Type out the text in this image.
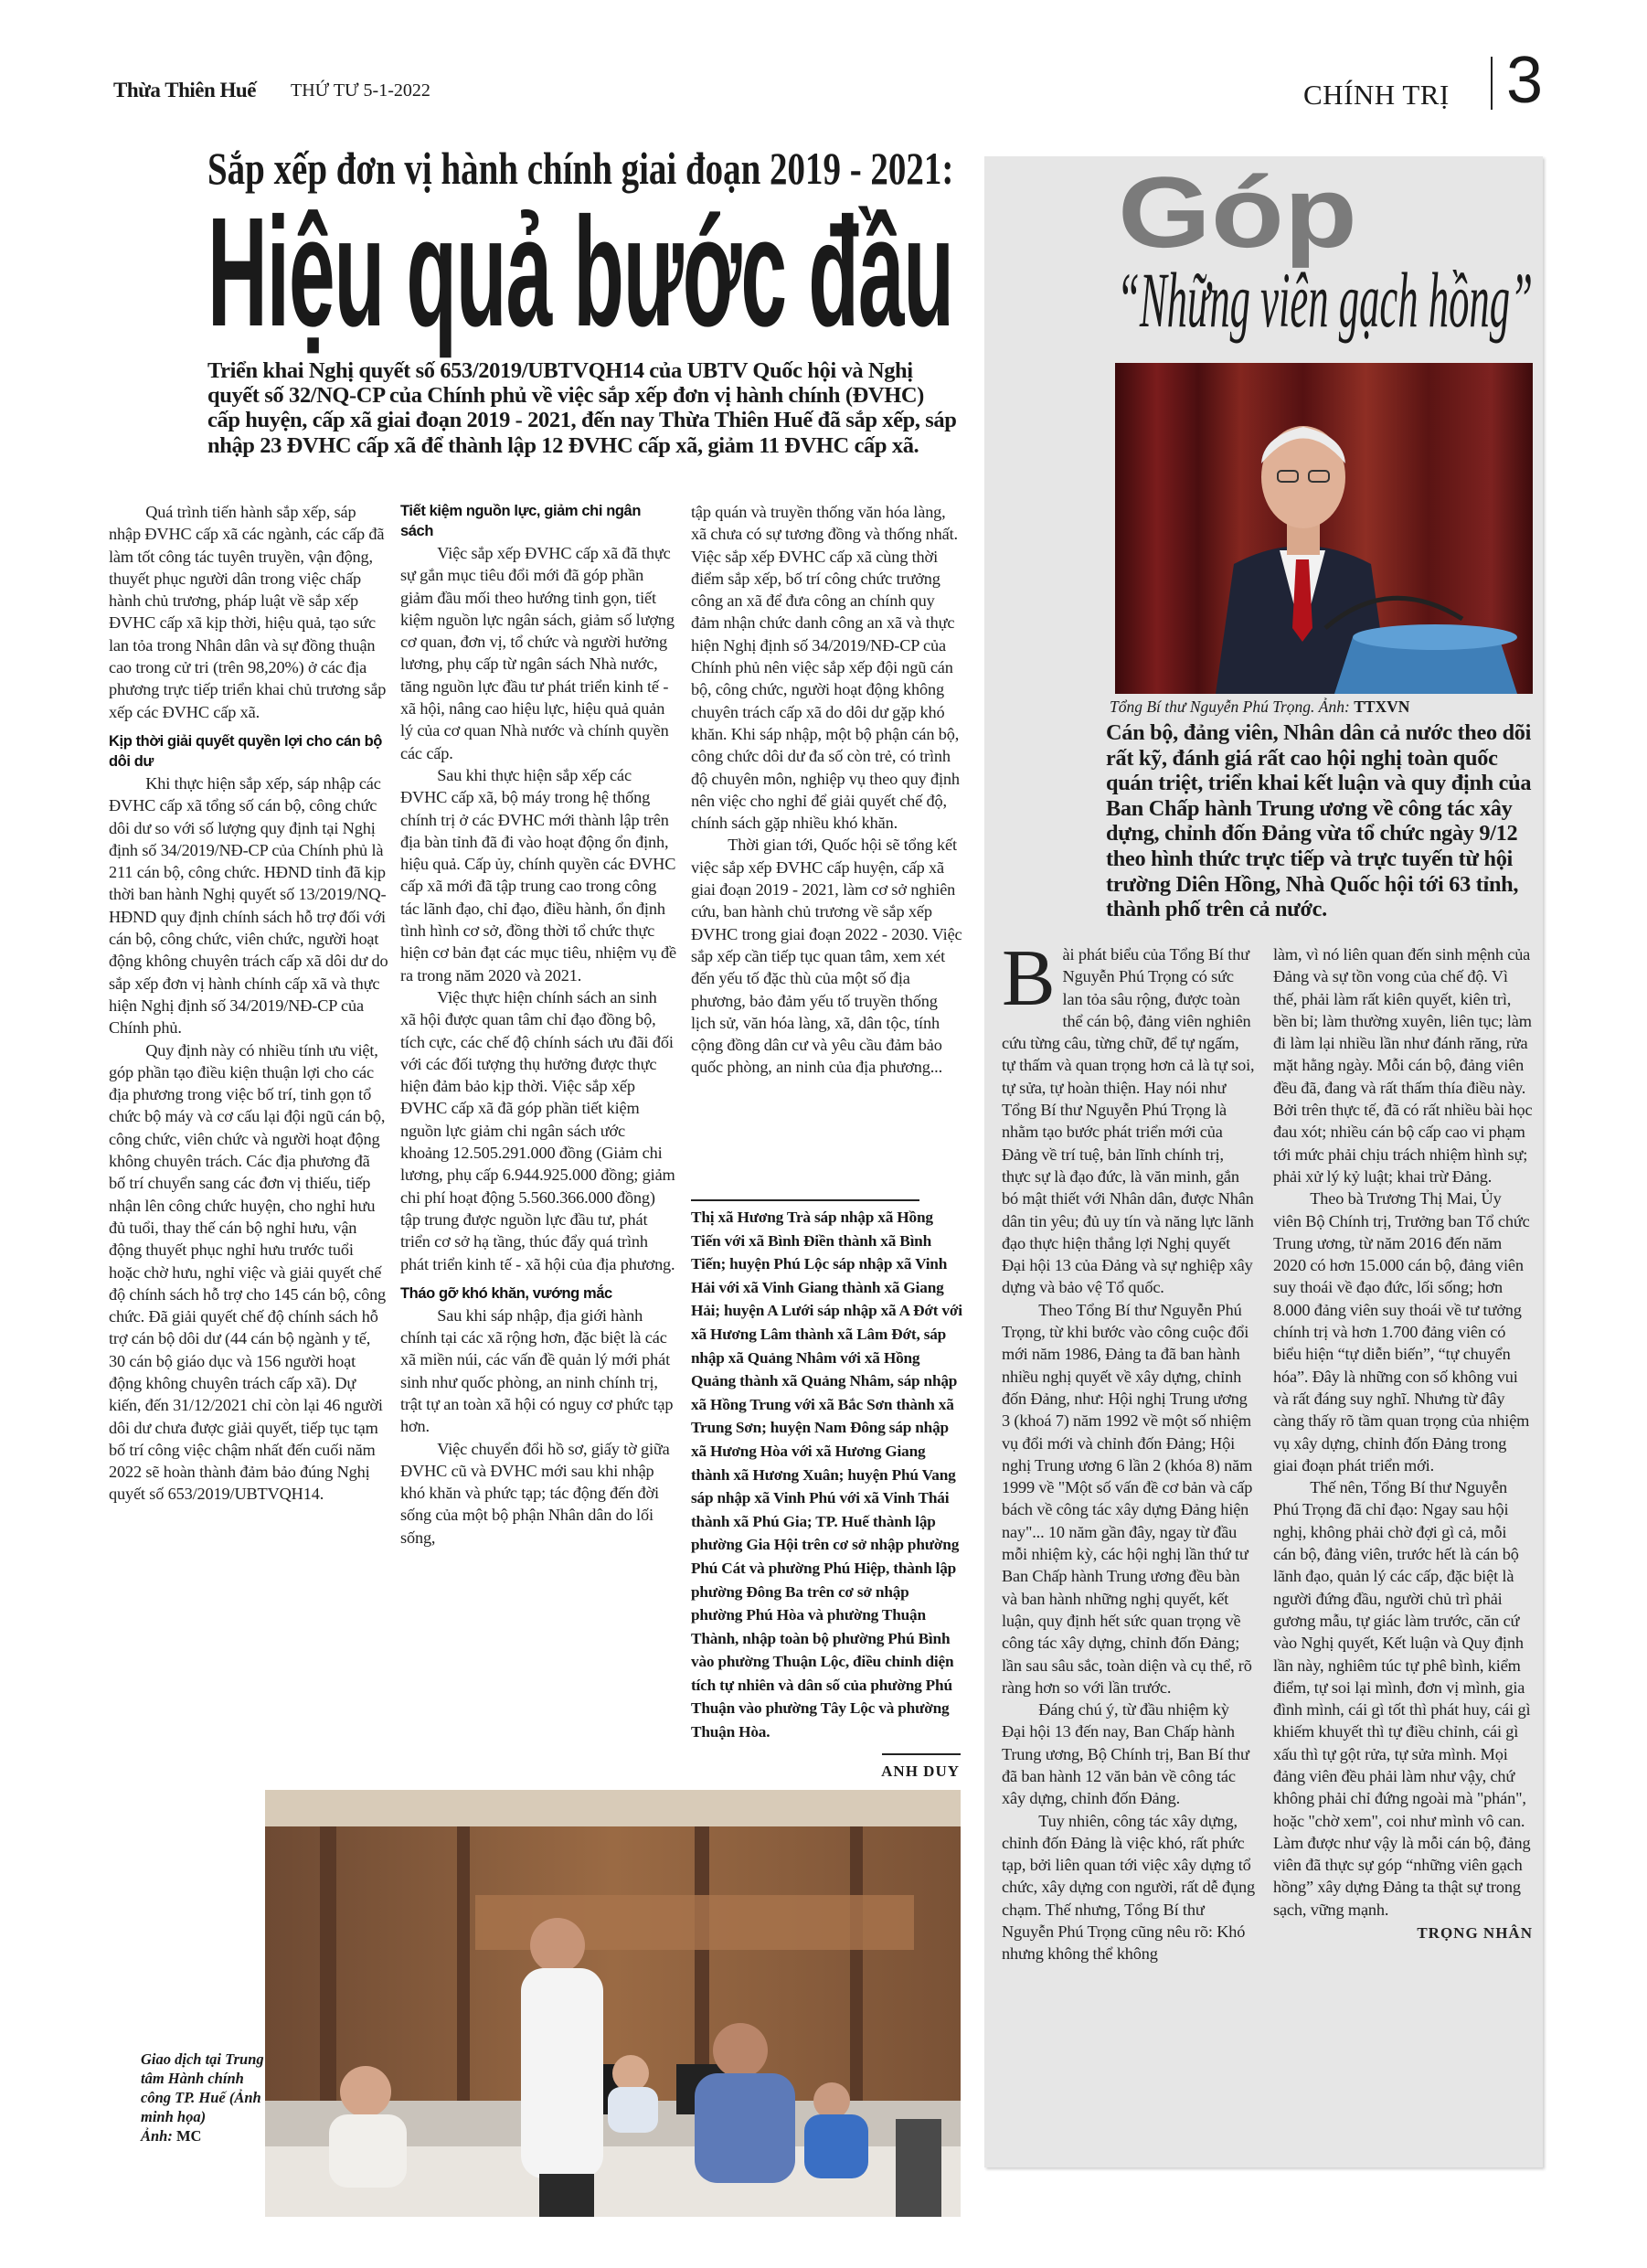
Thừa Thiên Huế THỨ TƯ 5-1-2022	CHÍNH TRỊ 3
Sắp xếp đơn vị hành chính giai đoạn 2019 - 2021:
Hiệu quả bước đầu
Triển khai Nghị quyết số 653/2019/UBTVQH14 của UBTV Quốc hội và Nghị quyết số 32/NQ-CP của Chính phủ về việc sắp xếp đơn vị hành chính (ĐVHC) cấp huyện, cấp xã giai đoạn 2019 - 2021, đến nay Thừa Thiên Huế đã sắp xếp, sáp nhập 23 ĐVHC cấp xã để thành lập 12 ĐVHC cấp xã, giảm 11 ĐVHC cấp xã.
Quá trình tiến hành sắp xếp, sáp nhập ĐVHC cấp xã các ngành, các cấp đã làm tốt công tác tuyên truyền, vận động, thuyết phục người dân trong việc chấp hành chủ trương, pháp luật về sắp xếp ĐVHC cấp xã kịp thời, hiệu quả, tạo sức lan tỏa trong Nhân dân và sự đồng thuận cao trong cử tri (trên 98,20%) ở các địa phương trực tiếp triển khai chủ trương sắp xếp các ĐVHC cấp xã.
Kịp thời giải quyết quyền lợi cho cán bộ dôi dư
Khi thực hiện sắp xếp, sáp nhập các ĐVHC cấp xã tổng số cán bộ, công chức dôi dư so với số lượng quy định tại Nghị định số 34/2019/NĐ-CP của Chính phủ là 211 cán bộ, công chức. HĐND tỉnh đã kịp thời ban hành Nghị quyết số 13/2019/NQ-HĐND quy định chính sách hỗ trợ đối với cán bộ, công chức, viên chức, người hoạt động không chuyên trách cấp xã dôi dư do sắp xếp đơn vị hành chính cấp xã và thực hiện Nghị định số 34/2019/NĐ-CP của Chính phủ.
Quy định này có nhiều tính ưu việt, góp phần tạo điều kiện thuận lợi cho các địa phương trong việc bố trí, tinh gọn tổ chức bộ máy và cơ cấu lại đội ngũ cán bộ, công chức, viên chức và người hoạt động không chuyên trách. Các địa phương đã bố trí chuyển sang các đơn vị thiếu, tiếp nhận lên công chức huyện, cho nghỉ hưu đủ tuổi, thay thế cán bộ nghỉ hưu, vận động thuyết phục nghỉ hưu trước tuổi hoặc chờ hưu, nghỉ việc và giải quyết chế độ chính sách hỗ trợ cho 145 cán bộ, công chức. Đã giải quyết chế độ chính sách hỗ trợ cán bộ dôi dư (44 cán bộ ngành y tế, 30 cán bộ giáo dục và 156 người hoạt động không chuyên trách cấp xã). Dự kiến, đến 31/12/2021 chỉ còn lại 46 người dôi dư chưa được giải quyết, tiếp tục tạm bố trí công việc chậm nhất đến cuối năm 2022 sẽ hoàn thành đảm bảo đúng Nghị quyết số 653/2019/UBTVQH14.
Tiết kiệm nguồn lực, giảm chi ngân sách
Việc sắp xếp ĐVHC cấp xã đã thực sự gắn mục tiêu đổi mới đã góp phần giảm đầu mối theo hướng tinh gọn, tiết kiệm nguồn lực ngân sách, giảm số lượng cơ quan, đơn vị, tổ chức và người hưởng lương, phụ cấp từ ngân sách Nhà nước, tăng nguồn lực đầu tư phát triển kinh tế - xã hội, nâng cao hiệu lực, hiệu quả quản lý của cơ quan Nhà nước và chính quyền các cấp.
Sau khi thực hiện sắp xếp các ĐVHC cấp xã, bộ máy trong hệ thống chính trị ở các ĐVHC mới thành lập trên địa bàn tỉnh đã đi vào hoạt động ổn định, hiệu quả. Cấp ủy, chính quyền các ĐVHC cấp xã mới đã tập trung cao trong công tác lãnh đạo, chỉ đạo, điều hành, ổn định tình hình cơ sở, đồng thời tổ chức thực hiện cơ bản đạt các mục tiêu, nhiệm vụ đề ra trong năm 2020 và 2021.
Việc thực hiện chính sách an sinh xã hội được quan tâm chỉ đạo đồng bộ, tích cực, các chế độ chính sách ưu đãi đối với các đối tượng thụ hưởng được thực hiện đảm bảo kịp thời. Việc sắp xếp ĐVHC cấp xã đã góp phần tiết kiệm nguồn lực giảm chi ngân sách ước khoảng 12.505.291.000 đồng (Giảm chi lương, phụ cấp 6.944.925.000 đồng; giảm chi phí hoạt động 5.560.366.000 đồng) tập trung được nguồn lực đầu tư, phát triển cơ sở hạ tầng, thúc đẩy quá trình phát triển kinh tế - xã hội của địa phương.
Tháo gỡ khó khăn, vướng mắc
Sau khi sáp nhập, địa giới hành chính tại các xã rộng hơn, đặc biệt là các xã miền núi, các vấn đề quản lý mới phát sinh như quốc phòng, an ninh chính trị, trật tự an toàn xã hội có nguy cơ phức tạp hơn.
Việc chuyển đổi hồ sơ, giấy tờ giữa ĐVHC cũ và ĐVHC mới sau khi nhập khó khăn và phức tạp; tác động đến đời sống của một bộ phận Nhân dân do lối sống,
tập quán và truyền thống văn hóa làng, xã chưa có sự tương đồng và thống nhất. Việc sắp xếp ĐVHC cấp xã cùng thời điểm sắp xếp, bố trí công chức trưởng công an xã để đưa công an chính quy đảm nhận chức danh công an xã và thực hiện Nghị định số 34/2019/NĐ-CP của Chính phủ nên việc sắp xếp đội ngũ cán bộ, công chức, người hoạt động không chuyên trách cấp xã do dôi dư gặp khó khăn. Khi sáp nhập, một bộ phận cán bộ, công chức dôi dư đa số còn trẻ, có trình độ chuyên môn, nghiệp vụ theo quy định nên việc cho nghỉ để giải quyết chế độ, chính sách gặp nhiều khó khăn.
Thời gian tới, Quốc hội sẽ tổng kết việc sắp xếp ĐVHC cấp huyện, cấp xã giai đoạn 2019 - 2021, làm cơ sở nghiên cứu, ban hành chủ trương về sắp xếp ĐVHC trong giai đoạn 2022 - 2030. Việc sắp xếp cần tiếp tục quan tâm, xem xét đến yếu tố đặc thù của một số địa phương, bảo đảm yếu tố truyền thống lịch sử, văn hóa làng, xã, dân tộc, tính cộng đồng dân cư và yêu cầu đảm bảo quốc phòng, an ninh của địa phương...
Thị xã Hương Trà sáp nhập xã Hồng Tiến với xã Bình Điền thành xã Bình Tiến; huyện Phú Lộc sáp nhập xã Vinh Hải với xã Vinh Giang thành xã Giang Hải; huyện A Lưới sáp nhập xã A Đớt với xã Hương Lâm thành xã Lâm Đớt, sáp nhập xã Quảng Nhâm với xã Hồng Quảng thành xã Quảng Nhâm, sáp nhập xã Hồng Trung với xã Bắc Sơn thành xã Trung Sơn; huyện Nam Đông sáp nhập xã Hương Hòa với xã Hương Giang thành xã Hương Xuân; huyện Phú Vang sáp nhập xã Vinh Phú với xã Vinh Thái thành xã Phú Gia; TP. Huế thành lập phường Gia Hội trên cơ sở nhập phường Phú Cát và phường Phú Hiệp, thành lập phường Đông Ba trên cơ sở nhập phường Phú Hòa và phường Thuận Thành, nhập toàn bộ phường Phú Bình vào phường Thuận Lộc, điều chỉnh diện tích tự nhiên và dân số của phường Phú Thuận vào phường Tây Lộc và phường Thuận Hòa.
ANH DUY
Giao dịch tại Trung tâm Hành chính công TP. Huế (Ảnh minh họa)
Ảnh: MC
Góp
“Những viên gạch hồng”
Tổng Bí thư Nguyễn Phú Trọng. Ảnh: TTXVN
Cán bộ, đảng viên, Nhân dân cả nước theo dõi rất kỹ, đánh giá rất cao hội nghị toàn quốc quán triệt, triển khai kết luận và quy định của Ban Chấp hành Trung ương về công tác xây dựng, chỉnh đốn Đảng vừa tổ chức ngày 9/12 theo hình thức trực tiếp và trực tuyến từ hội trường Diên Hồng, Nhà Quốc hội tới 63 tỉnh, thành phố trên cả nước.
Bài phát biểu của Tổng Bí thư Nguyễn Phú Trọng có sức lan tỏa sâu rộng, được toàn thể cán bộ, đảng viên nghiên cứu từng câu, từng chữ, để tự ngấm, tự thấm và quan trọng hơn cả là tự soi, tự sửa, tự hoàn thiện. Hay nói như Tổng Bí thư Nguyễn Phú Trọng là nhằm tạo bước phát triển mới của Đảng về trí tuệ, bản lĩnh chính trị, thực sự là đạo đức, là văn minh, gắn bó mật thiết với Nhân dân, được Nhân dân tin yêu; đủ uy tín và năng lực lãnh đạo thực hiện thắng lợi Nghị quyết Đại hội 13 của Đảng và sự nghiệp xây dựng và bảo vệ Tổ quốc.
Theo Tổng Bí thư Nguyễn Phú Trọng, từ khi bước vào công cuộc đổi mới năm 1986, Đảng ta đã ban hành nhiều nghị quyết về xây dựng, chỉnh đốn Đảng, như: Hội nghị Trung ương 3 (khoá 7) năm 1992 về một số nhiệm vụ đổi mới và chỉnh đốn Đảng; Hội nghị Trung ương 6 lần 2 (khóa 8) năm 1999 về "Một số vấn đề cơ bản và cấp bách về công tác xây dựng Đảng hiện nay"... 10 năm gần đây, ngay từ đầu mỗi nhiệm kỳ, các hội nghị lần thứ tư Ban Chấp hành Trung ương đều bàn và ban hành những nghị quyết, kết luận, quy định hết sức quan trọng về công tác xây dựng, chỉnh đốn Đảng; lần sau sâu sắc, toàn diện và cụ thể, rõ ràng hơn so với lần trước.
Đáng chú ý, từ đầu nhiệm kỳ Đại hội 13 đến nay, Ban Chấp hành Trung ương, Bộ Chính trị, Ban Bí thư đã ban hành 12 văn bản về công tác xây dựng, chỉnh đốn Đảng.
Tuy nhiên, công tác xây dựng, chỉnh đốn Đảng là việc khó, rất phức tạp, bởi liên quan tới việc xây dựng tổ chức, xây dựng con người, rất dễ đụng chạm. Thế nhưng, Tổng Bí thư Nguyễn Phú Trọng cũng nêu rõ: Khó nhưng không thể không
làm, vì nó liên quan đến sinh mệnh của Đảng và sự tồn vong của chế độ. Vì thế, phải làm rất kiên quyết, kiên trì, bền bỉ; làm thường xuyên, liên tục; làm đi làm lại nhiều lần như đánh răng, rửa mặt hằng ngày. Mỗi cán bộ, đảng viên đều đã, đang và rất thấm thía điều này. Bởi trên thực tế, đã có rất nhiều bài học đau xót; nhiều cán bộ cấp cao vi phạm tới mức phải chịu trách nhiệm hình sự; phải xử lý kỷ luật; khai trừ Đảng.
Theo bà Trương Thị Mai, Ủy viên Bộ Chính trị, Trưởng ban Tổ chức Trung ương, từ năm 2016 đến năm 2020 có hơn 15.000 cán bộ, đảng viên suy thoái về đạo đức, lối sống; hơn 8.000 đảng viên suy thoái về tư tưởng chính trị và hơn 1.700 đảng viên có biểu hiện “tự diễn biến”, “tự chuyển hóa”. Đây là những con số không vui và rất đáng suy nghĩ. Nhưng từ đây càng thấy rõ tầm quan trọng của nhiệm vụ xây dựng, chỉnh đốn Đảng trong giai đoạn phát triển mới.
Thế nên, Tổng Bí thư Nguyễn Phú Trọng đã chỉ đạo: Ngay sau hội nghị, không phải chờ đợi gì cả, mỗi cán bộ, đảng viên, trước hết là cán bộ lãnh đạo, quản lý các cấp, đặc biệt là người đứng đầu, người chủ trì phải gương mẫu, tự giác làm trước, căn cứ vào Nghị quyết, Kết luận và Quy định lần này, nghiêm túc tự phê bình, kiểm điểm, tự soi lại mình, đơn vị mình, gia đình mình, cái gì tốt thì phát huy, cái gì khiếm khuyết thì tự điều chỉnh, cái gì xấu thì tự gột rửa, tự sửa mình. Mọi đảng viên đều phải làm như vậy, chứ không phải chỉ đứng ngoài mà "phán", hoặc "chờ xem", coi như mình vô can. Làm được như vậy là mỗi cán bộ, đảng viên đã thực sự góp “những viên gạch hồng” xây dựng Đảng ta thật sự trong sạch, vững mạnh.
TRỌNG NHÂN
